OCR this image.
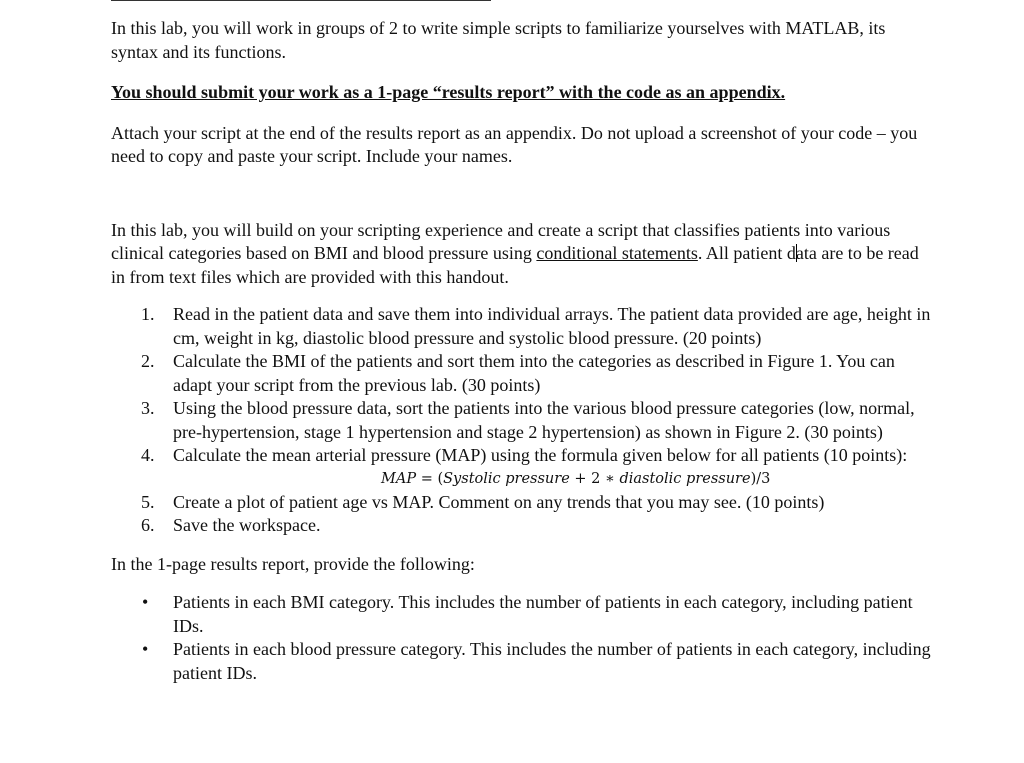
In this lab, you will work in groups of 2 to write simple scripts to familiarize yourselves with MATLAB, its syntax and its functions.

You should submit your work as a 1-page “results report” with the code as an appendix.

Attach your script at the end of the results report as an appendix. Do not upload a screenshot of your code – you need to copy and paste your script. Include your names.

In this lab, you will build on your scripting experience and create a script that classifies patients into various clinical categories based on BMI and blood pressure using conditional statements. All patient data are to be read in from text files which are provided with this handout.

1. Read in the patient data and save them into individual arrays. The patient data provided are age, height in cm, weight in kg, diastolic blood pressure and systolic blood pressure. (20 points)
2. Calculate the BMI of the patients and sort them into the categories as described in Figure 1. You can adapt your script from the previous lab. (30 points)
3. Using the blood pressure data, sort the patients into the various blood pressure categories (low, normal, pre-hypertension, stage 1 hypertension and stage 2 hypertension) as shown in Figure 2. (30 points)
4. Calculate the mean arterial pressure (MAP) using the formula given below for all patients (10 points):
MAP = (Systolic pressure + 2 ∗ diastolic pressure)/3
5. Create a plot of patient age vs MAP. Comment on any trends that you may see. (10 points)
6. Save the workspace.

In the 1-page results report, provide the following:

• Patients in each BMI category. This includes the number of patients in each category, including patient IDs.
• Patients in each blood pressure category. This includes the number of patients in each category, including patient IDs.
